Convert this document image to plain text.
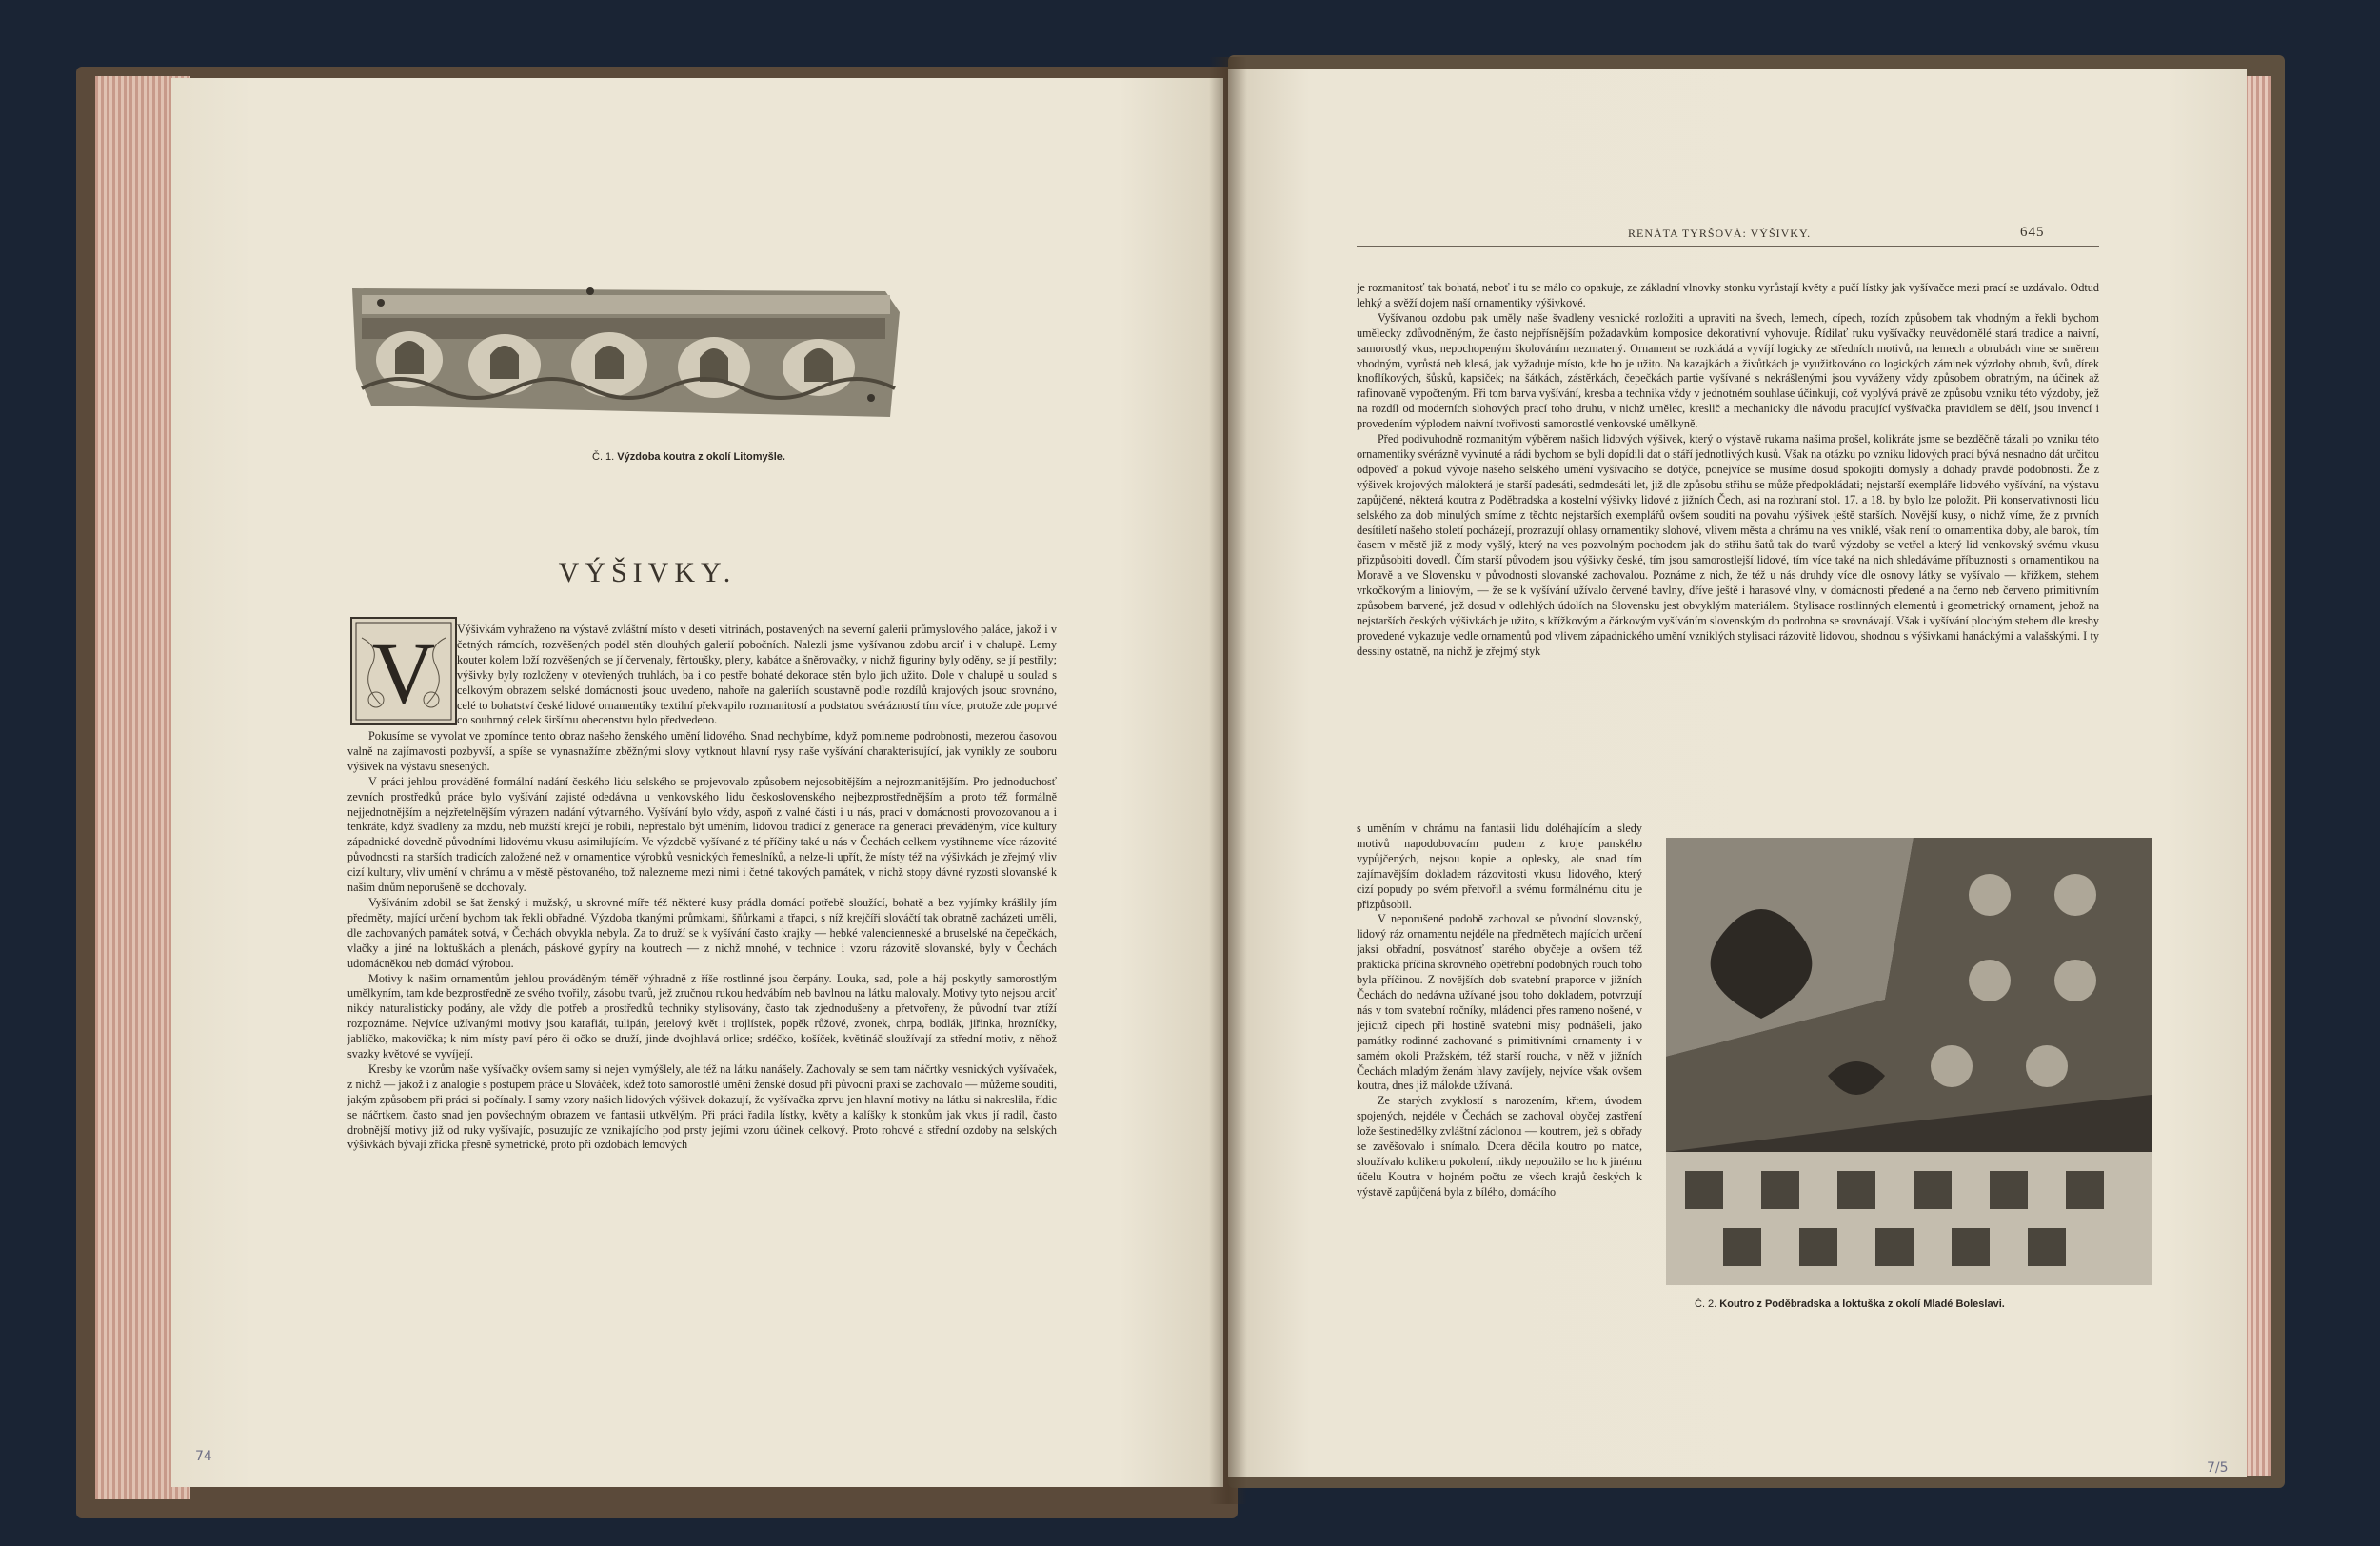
Č. 1. Výzdoba koutra z okolí Litomyšle.
VÝŠIVKY.
V Výšivkám vyhraženo na výstavě zvláštní místo v deseti vitrinách, postavených na severní galerii průmyslového paláce, jakož i v četných rámcích, rozvěšených podél stěn dlouhých galerií pobočních. Nalezli jsme vyšívanou zdobu arciť i v chalupě. Lemy kouter kolem loží rozvěšených se jí červenaly, fěrtoušky, pleny, kabátce a šněrovačky, v nichž figuriny byly oděny, se jí pestřily; výšivky byly rozloženy v otevřených truhlách, ba i co pestře bohaté dekorace stěn bylo jich užito. Dole v chalupě u soulad s celkovým obrazem selské domácnosti jsouc uvedeno, nahoře na galeriích soustavně podle rozdílů krajových jsouc srovnáno, celé to bohatství české lidové ornamentiky textilní překvapilo rozmanitostí a podstatou svérázností tím více, protože zde poprvé co souhrnný celek širšímu obecenstvu bylo předvedeno.

Pokusíme se vyvolat ve zpomínce tento obraz našeho ženského umění lidového. Snad nechybíme, když pomineme podrobnosti, mezerou časovou valně na zajímavosti pozbyvší, a spíše se vynasnažíme zběžnými slovy vytknout hlavní rysy naše vyšívání charakterisující, jak vynikly ze souboru výšivek na výstavu snesených.

V práci jehlou prováděné formální nadání českého lidu selského se projevovalo způsobem nejosobitějším a nejrozmanitějším. Pro jednoduchosť zevních prostředků práce bylo vyšívání zajisté odedávna u venkovského lidu československého nejbezprostřednějším a proto též formálně nejjednotnějším a nejzřetelnějším výrazem nadání výtvarného. Vyšívání bylo vždy, aspoň z valné části i u nás, prací v domácnosti provozovanou a i tenkráte, když švadleny za mzdu, neb mužští krejčí je robili, nepřestalo být uměním, lidovou tradicí z generace na generaci převáděným, více kultury západnické dovedně původními lidovému vkusu asimilujícím. Ve výzdobě vyšívané z té příčiny také u nás v Čechách celkem vystihneme více rázovité původnosti na starších tradicích založené než v ornamentice výrobků vesnických řemeslníků, a nelze-li upřít, že místy též na výšivkách je zřejmý vliv cizí kultury, vliv umění v chrámu a v městě pěstovaného, tož nalezneme mezi nimi i četné takových památek, v nichž stopy dávné ryzosti slovanské k našim dnům neporušeně se dochovaly.

Vyšíváním zdobil se šat ženský i mužský, u skrovné míře též některé kusy prádla domácí potřebě sloužící, bohatě a bez vyjímky krášlily jím předměty, mající určení bychom tak řekli obřadné. Výzdoba tkanými průmkami, šňůrkami a třapci, s níž krejčíři slováčtí tak obratně zacházeti uměli, dle zachovaných památek sotvá, v Čechách obvykla nebyla. Za to druží se k vyšívání často krajky — hebké valencienneské a bruselské na čepečkách, vlačky a jiné na loktuškách a plenách, páskové gypíry na koutrech — z nichž mnohé, v technice i vzoru rázovitě slovanské, byly v Čechách udomácněkou neb domácí výrobou.

Motivy k našim ornamentům jehlou prováděným téměř výhradně z říše rostlinné jsou čerpány. Louka, sad, pole a háj poskytly samorostlým umělkyním, tam kde bezprostředně ze svého tvořily, zásobu tvarů, jež zručnou rukou hedvábím neb bavlnou na látku malovaly. Motivy tyto nejsou arciť nikdy naturalisticky podány, ale vždy dle potřeb a prostředků techniky stylisovány, často tak zjednodušeny a přetvořeny, že původní tvar ztíží rozpoznáme. Nejvíce užívanými motivy jsou karafiát, tulipán, jetelový květ i trojlístek, popěk růžové, zvonek, chrpa, bodlák, jiřinka, hrozníčky, jablíčko, makovička; k nim místy paví péro či očko se druží, jinde dvojhlavá orlice; srdéčko, košíček, květináč sloužívají za střední motiv, z něhož svazky květové se vyvíjejí.

Kresby ke vzorům naše vyšívačky ovšem samy si nejen vymýšlely, ale též na látku nanášely. Zachovaly se sem tam náčrtky vesnických vyšívaček, z nichž — jakož i z analogie s postupem práce u Slováček, kdež toto samorostlé umění ženské dosud při původní praxi se zachovalo — můžeme souditi, jakým způsobem při práci si počínaly. I samy vzory našich lidových výšivek dokazují, že vyšívačka zprvu jen hlavní motivy na látku si nakreslila, řídic se náčrtkem, často snad jen povšechným obrazem ve fantasii utkvělým. Při práci řadila lístky, květy a kalíšky k stonkům jak vkus jí radil, často drobnější motivy již od ruky vyšívajíc, posuzujíc ze vznikajícího pod prsty jejími vzoru účinek celkový. Proto rohové a střední ozdoby na selských výšivkách bývají zřídka přesně symetrické, proto při ozdobách lemových

RENÁTA TYRŠOVÁ: VÝŠIVKY.	645

je rozmanitosť tak bohatá, neboť i tu se málo co opakuje, ze základní vlnovky stonku vyrůstají květy a pučí lístky jak vyšívačce mezi prací se uzdávalo. Odtud lehký a svěží dojem naší ornamentiky výšivkové.

Vyšívanou ozdobu pak uměly naše švadleny vesnické rozložiti a upraviti na švech, lemech, cípech, rozích způsobem tak vhodným a řekli bychom umělecky zdůvodněným, že často nejpřísnějším požadavkům komposice dekorativní vyhovuje. Řídilať ruku vyšívačky neuvědomělé stará tradice a naivní, samorostlý vkus, nepochopeným školováním nezmatený. Ornament se rozkládá a vyvíjí logicky ze středních motivů, na lemech a obrubách vine se směrem vhodným, vyrůstá neb klesá, jak vyžaduje místo, kde ho je užito. Na kazajkách a živůtkách je využitkováno co logických záminek výzdoby obrub, švů, dírek knoflíkových, šůsků, kapsiček; na šátkách, zástěrkách, čepečkách partie vyšívané s nekrášlenými jsou vyváženy vždy způsobem obratným, na účinek až rafinovaně vypočteným. Při tom barva vyšívání, kresba a technika vždy v jednotném souhlase účinkují, což vyplývá právě ze způsobu vzniku této výzdoby, jež na rozdíl od moderních slohových prací toho druhu, v nichž umělec, kreslič a mechanicky dle návodu pracující vyšívačka pravidlem se dělí, jsou invencí i provedením výplodem naivní tvořivosti samorostlé venkovské umělkyně.

Před podivuhodně rozmanitým výběrem našich lidových výšivek, který o výstavě rukama našima prošel, kolikráte jsme se bezděčně tázali po vzniku této ornamentiky svérázně vyvinuté a rádi bychom se byli dopídili dat o stáří jednotlivých kusů. Však na otázku po vzniku lidových prací bývá nesnadno dát určitou odpověď a pokud vývoje našeho selského umění vyšívacího se dotýče, ponejvíce se musíme dosud spokojiti domysly a dohady pravdě podobnosti. Že z výšivek krojových málokterá je starší padesáti, sedmdesáti let, již dle způsobu střihu se může předpokládati; nejstarší exempláře lidového vyšívání, na výstavu zapůjčené, některá koutra z Poděbradska a kostelní výšivky lidové z jižních Čech, asi na rozhraní stol. 17. a 18. by bylo lze položit. Při konservativnosti lidu selského za dob minulých smíme z těchto nejstarších exemplářů ovšem souditi na povahu výšivek ještě starších. Novější kusy, o nichž víme, že z prvních desítiletí našeho století pocházejí, prozrazují ohlasy ornamentiky slohové, vlivem města a chrámu na ves vniklé, však není to ornamentika doby, ale barok, tím časem v městě již z mody vyšlý, který na ves pozvolným pochodem jak do střihu šatů tak do tvarů výzdoby se vetřel a který lid venkovský svému vkusu přizpůsobiti dovedl. Čím starší původem jsou výšivky české, tím jsou samorostlejší lidové, tím více také na nich shledáváme příbuznosti s ornamentikou na Moravě a ve Slovensku v původnosti slovanské zachovalou. Poznáme z nich, že též u nás druhdy více dle osnovy látky se vyšívalo — křížkem, stehem vrkočkovým a liniovým, — že se k vyšívání užívalo červené bavlny, dříve ještě i harasové vlny, v domácnosti předené a na černo neb červeno primitivním způsobem barvené, jež dosud v odlehlých údolích na Slovensku jest obvyklým materiálem. Stylisace rostlinných elementů i geometrický ornament, jehož na nejstarších českých výšivkách je užito, s křížkovým a čárkovým vyšíváním slovenským do podrobna se srovnávají. Však i vyšívání plochým stehem dle kresby provedené vykazuje vedle ornamentů pod vlivem západnického umění vzniklých stylisaci rázovitě lidovou, shodnou s výšivkami hanáckými a valašskými. I ty dessiny ostatně, na nichž je zřejmý styk

s uměním v chrámu na fantasii lidu doléhajícím a sledy motivů napodobovacím pudem z kroje panského vypůjčených, nejsou kopie a oplesky, ale snad tím zajímavějším dokladem rázovitosti vkusu lidového, který cizí popudy po svém přetvořil a svému formálnému citu je přizpůsobil.

V neporušené podobě zachoval se původní slovanský, lidový ráz ornamentu nejdéle na předmětech majících určení jaksi obřadní, posvátnosť starého obyčeje a ovšem též praktická příčina skrovného opětřební podobných rouch toho byla příčinou. Z novějších dob svatební praporce v jižních Čechách do nedávna užívané jsou toho dokladem, potvrzují nás v tom svatební ročníky, mládenci přes rameno nošené, v jejichž cípech při hostině svatební mísy podnášeli, jako památky rodinné zachované s primitivními ornamenty i v samém okolí Pražském, též starší roucha, v něž v jižních Čechách mladým ženám hlavy zavíjely, nejvíce však ovšem koutra, dnes již málokde užívaná.

Ze starých zvyklostí s narozením, křtem, úvodem spojených, nejdéle v Čechách se zachoval obyčej zastření lože šestinedělky zvláštní záclonou — koutrem, jež s obřady se zavěšovalo i snímalo. Dcera dědila koutro po matce, sloužívalo kolikeru pokolení, nikdy nepoužilo se ho k jinému účelu Koutra v hojném počtu ze všech krajů českých k výstavě zapůjčená byla z bílého, domácího

Č. 2. Koutro z Poděbradska a loktuška z okolí Mladé Boleslavi.
74
7/5
